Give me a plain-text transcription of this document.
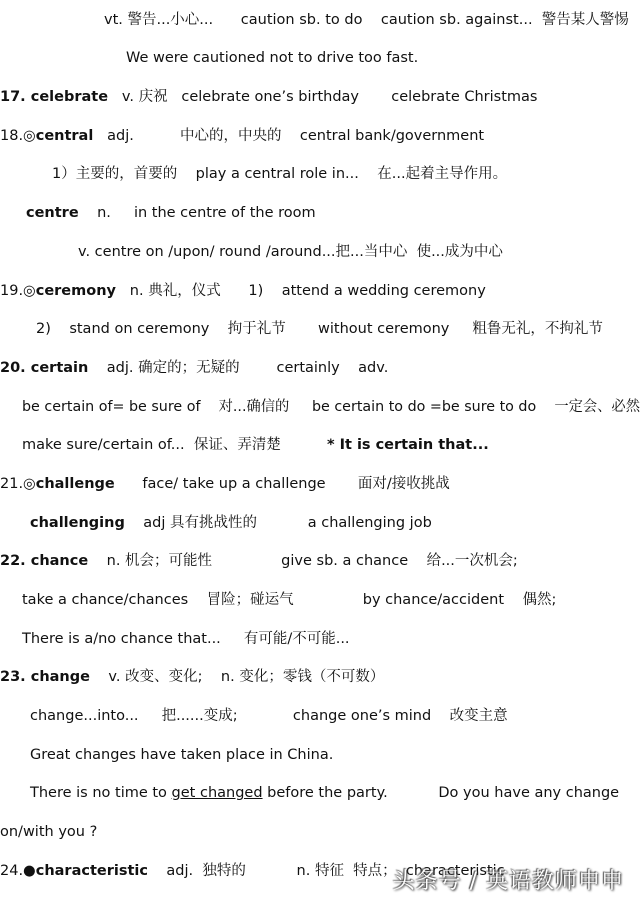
vt. 警告...小心...      caution sb. to do    caution sb. against...  警告某人警惕
We were cautioned not to drive too fast.
17. celebrate   v. 庆祝   celebrate one’s birthday       celebrate Christmas
18.◎central   adj.          中心的，中央的    central bank/government
1）主要的，首要的    play a central role in...    在...起着主导作用。
centre    n.     in the centre of the room
v. centre on /upon/ round /around...把...当中心  使...成为中心
19.◎ceremony   n. 典礼，仪式      1)    attend a wedding ceremony
2)    stand on ceremony    拘于礼节       without ceremony     粗鲁无礼，不拘礼节
20. certain    adj. 确定的；无疑的        certainly    adv.
be certain of= be sure of    对...确信的     be certain to do =be sure to do    一定会、必然
make sure/certain of...  保证、弄清楚          * It is certain that...
21.◎challenge      face/ take up a challenge       面对/接收挑战
challenging    adj 具有挑战性的           a challenging job
22. chance    n. 机会；可能性               give sb. a chance    给...一次机会;
take a chance/chances    冒险；碰运气               by chance/accident    偶然;
There is a/no chance that...     有可能/不可能...
23. change    v. 改变、变化;    n. 变化；零钱（不可数）
change...into...     把......变成;            change one’s mind    改变主意
Great changes have taken place in China.
There is no time to get changed before the party.           Do you have any change
on/with you ?
24.●characteristic    adj.  独特的           n. 特征  特点；  characteristic
头条号 / 英语教师申申
